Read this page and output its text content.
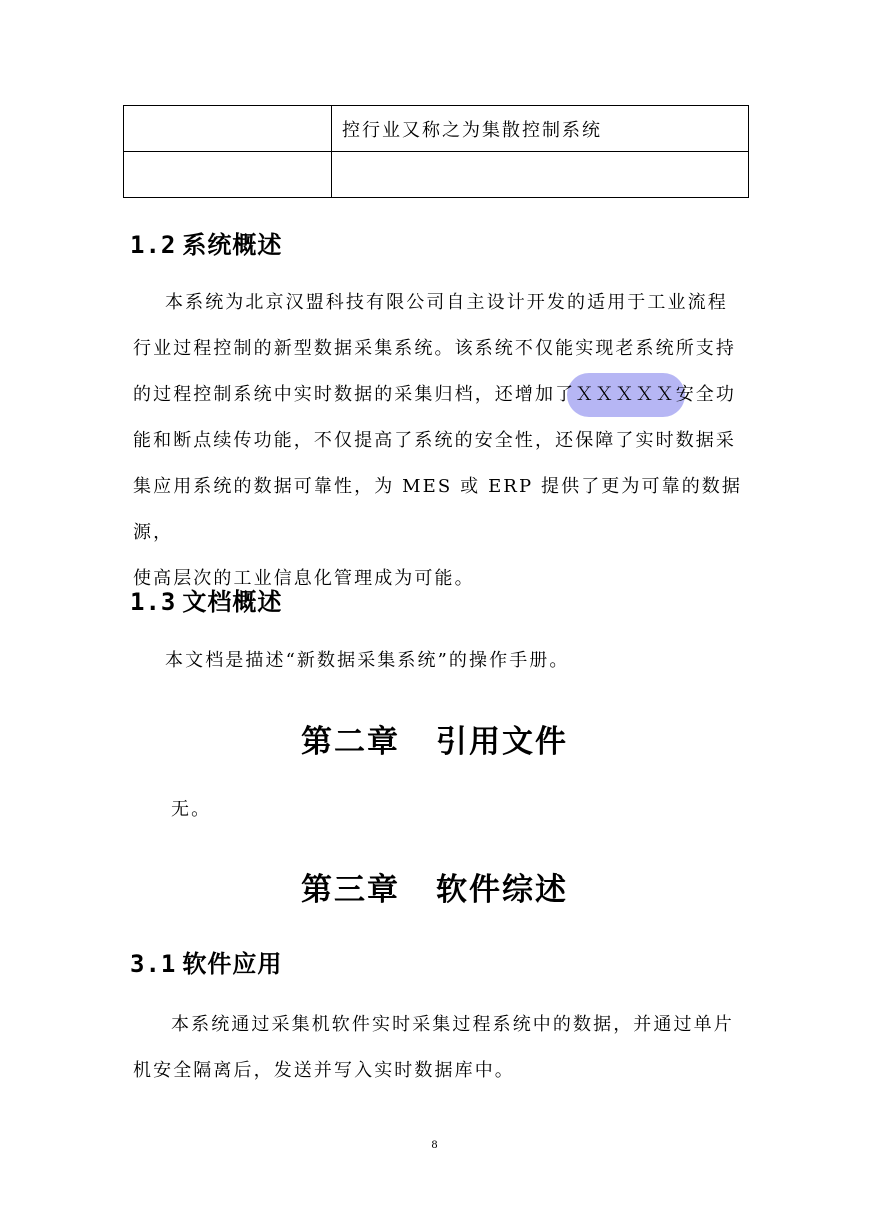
	控行业又称之为集散控制系统

1.2 系统概述
本系统为北京汉盟科技有限公司自主设计开发的适用于工业流程
行业过程控制的新型数据采集系统。该系统不仅能实现老系统所支持
的过程控制系统中实时数据的采集归档，还增加了ＸＸＸＸＸ安全功
能和断点续传功能，不仅提高了系统的安全性，还保障了实时数据采
集应用系统的数据可靠性，为 MES 或 ERP 提供了更为可靠的数据源，
使高层次的工业信息化管理成为可能。
1.3 文档概述
本文档是描述“新数据采集系统”的操作手册。
第二章 引用文件
无。
第三章 软件综述
3.1 软件应用
本系统通过采集机软件实时采集过程系统中的数据，并通过单片
机安全隔离后，发送并写入实时数据库中。
8
